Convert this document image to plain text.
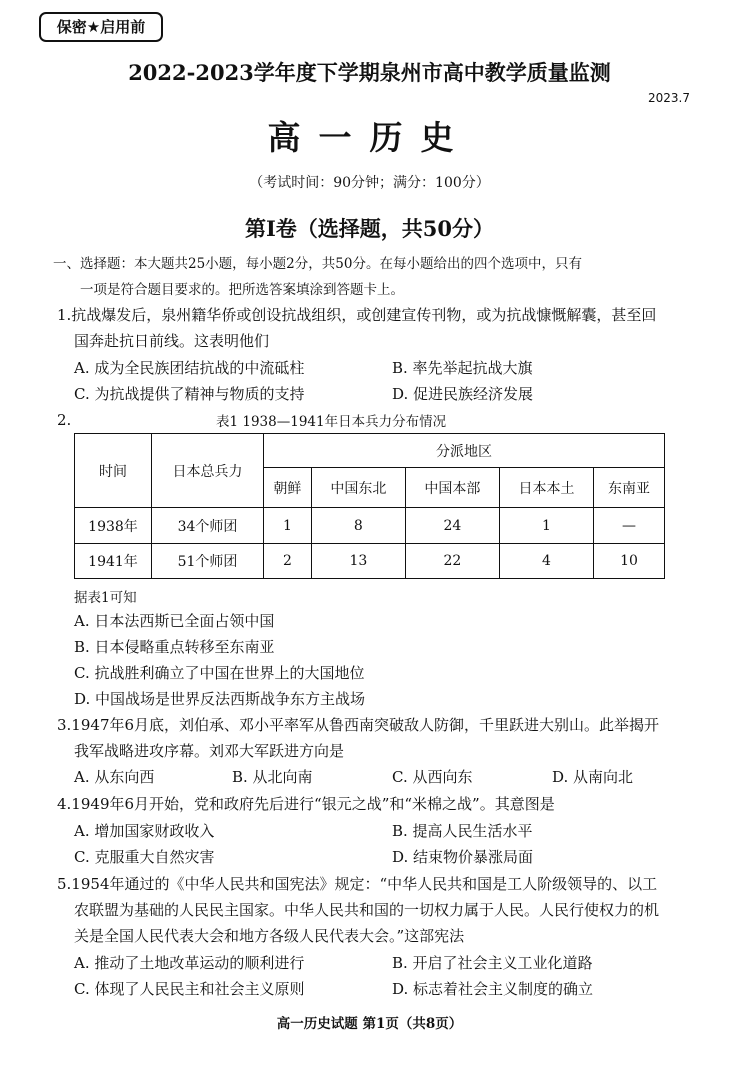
保密★启用前
2022-2023学年度下学期泉州市高中教学质量监测
2023.7
高一历史
（考试时间：90分钟；满分：100分）
第Ⅰ卷（选择题，共50分）
一、选择题：本大题共25小题，每小题2分，共50分。在每小题给出的四个选项中，只有
一项是符合题目要求的。把所选答案填涂到答题卡上。
1.抗战爆发后，泉州籍华侨或创设抗战组织，或创建宣传刊物，或为抗战慷慨解囊，甚至回
国奔赴抗日前线。这表明他们
A. 成为全民族团结抗战的中流砥柱	B. 率先举起抗战大旗
C. 为抗战提供了精神与物质的支持	D. 促进民族经济发展
2.	表1 1938—1941年日本兵力分布情况
时间	日本总兵力	分派地区				
		朝鲜	中国东北	中国本部	日本本土	东南亚
1938年	34个师团	1	8	24	1	—
1941年	51个师团	2	13	22	4	10
据表1可知
A. 日本法西斯已全面占领中国
B. 日本侵略重点转移至东南亚
C. 抗战胜利确立了中国在世界上的大国地位
D. 中国战场是世界反法西斯战争东方主战场
3.1947年6月底，刘伯承、邓小平率军从鲁西南突破敌人防御，千里跃进大别山。此举揭开
我军战略进攻序幕。刘邓大军跃进方向是
A. 从东向西	B. 从北向南	C. 从西向东	D. 从南向北
4.1949年6月开始，党和政府先后进行“银元之战”和“米棉之战”。其意图是
A. 增加国家财政收入	B. 提高人民生活水平
C. 克服重大自然灾害	D. 结束物价暴涨局面
5.1954年通过的《中华人民共和国宪法》规定：“中华人民共和国是工人阶级领导的、以工
农联盟为基础的人民民主国家。中华人民共和国的一切权力属于人民。人民行使权力的机
关是全国人民代表大会和地方各级人民代表大会。”这部宪法
A. 推动了土地改革运动的顺利进行	B. 开启了社会主义工业化道路
C. 体现了人民民主和社会主义原则	D. 标志着社会主义制度的确立
高一历史试题 第1页（共8页）
